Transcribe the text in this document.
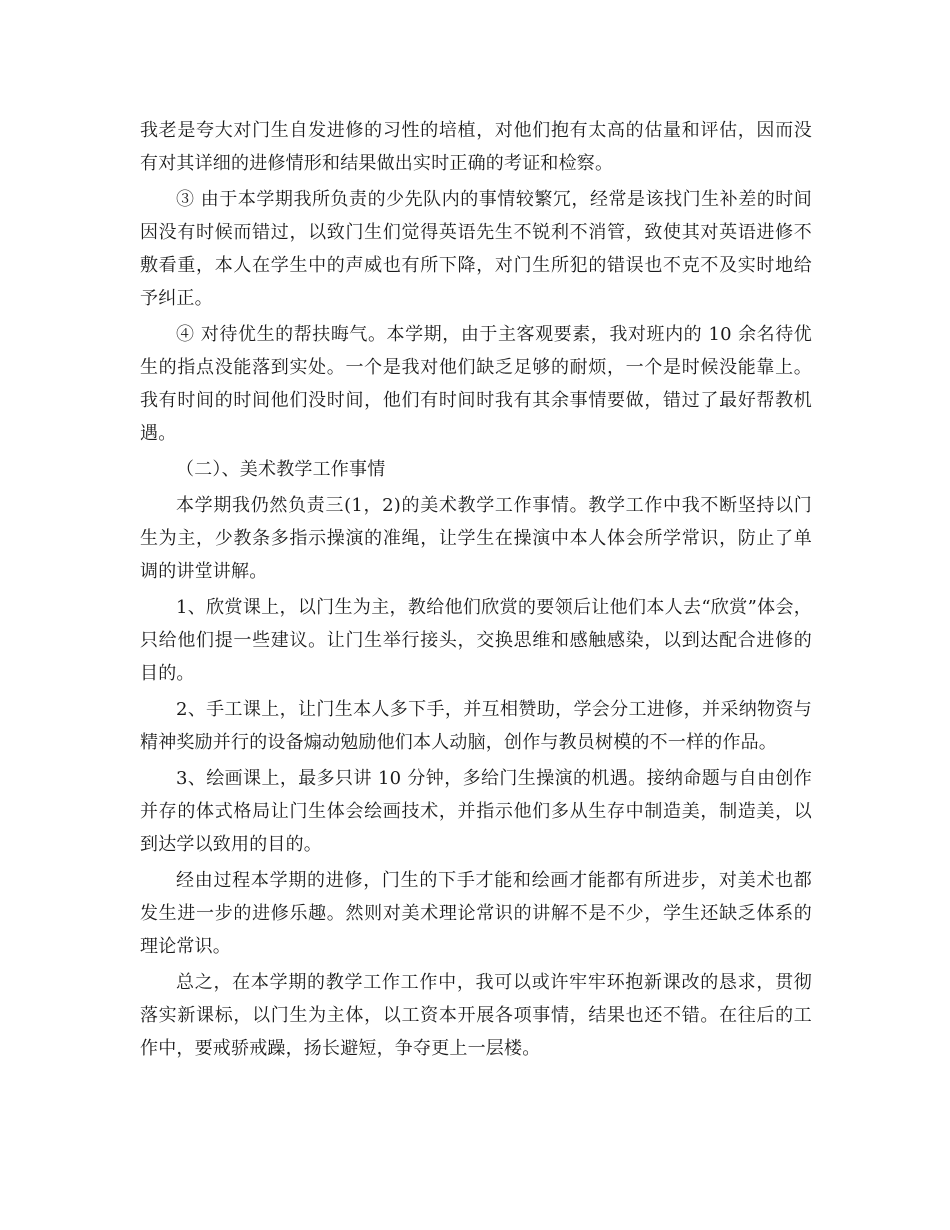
我老是夸大对门生自发进修的习性的培植，对他们抱有太高的估量和评估，因而没有对其详细的进修情形和结果做出实时正确的考证和检察。

③ 由于本学期我所负责的少先队内的事情较繁冗，经常是该找门生补差的时间因没有时候而错过，以致门生们觉得英语先生不锐利不消管，致使其对英语进修不敷看重，本人在学生中的声威也有所下降，对门生所犯的错误也不克不及实时地给予纠正。

④ 对待优生的帮扶晦气。本学期，由于主客观要素，我对班内的 10 余名待优生的指点没能落到实处。一个是我对他们缺乏足够的耐烦，一个是时候没能靠上。我有时间的时间他们没时间，他们有时间时我有其余事情要做，错过了最好帮教机遇。

（二）、美术教学工作事情

本学期我仍然负责三(1，2)的美术教学工作事情。教学工作中我不断坚持以门生为主，少教条多指示操演的准绳，让学生在操演中本人体会所学常识，防止了单调的讲堂讲解。

1、欣赏课上，以门生为主，教给他们欣赏的要领后让他们本人去“欣赏”体会，只给他们提一些建议。让门生举行接头，交换思维和感触感染，以到达配合进修的目的。

2、手工课上，让门生本人多下手，并互相赞助，学会分工进修，并采纳物资与精神奖励并行的设备煽动勉励他们本人动脑，创作与教员树模的不一样的作品。

3、绘画课上，最多只讲 10 分钟，多给门生操演的机遇。接纳命题与自由创作并存的体式格局让门生体会绘画技术，并指示他们多从生存中制造美，制造美，以到达学以致用的目的。

经由过程本学期的进修，门生的下手才能和绘画才能都有所进步，对美术也都发生进一步的进修乐趣。然则对美术理论常识的讲解不是不少，学生还缺乏体系的理论常识。

总之，在本学期的教学工作工作中，我可以或许牢牢环抱新课改的恳求，贯彻落实新课标，以门生为主体，以工资本开展各项事情，结果也还不错。在往后的工作中，要戒骄戒躁，扬长避短，争夺更上一层楼。
